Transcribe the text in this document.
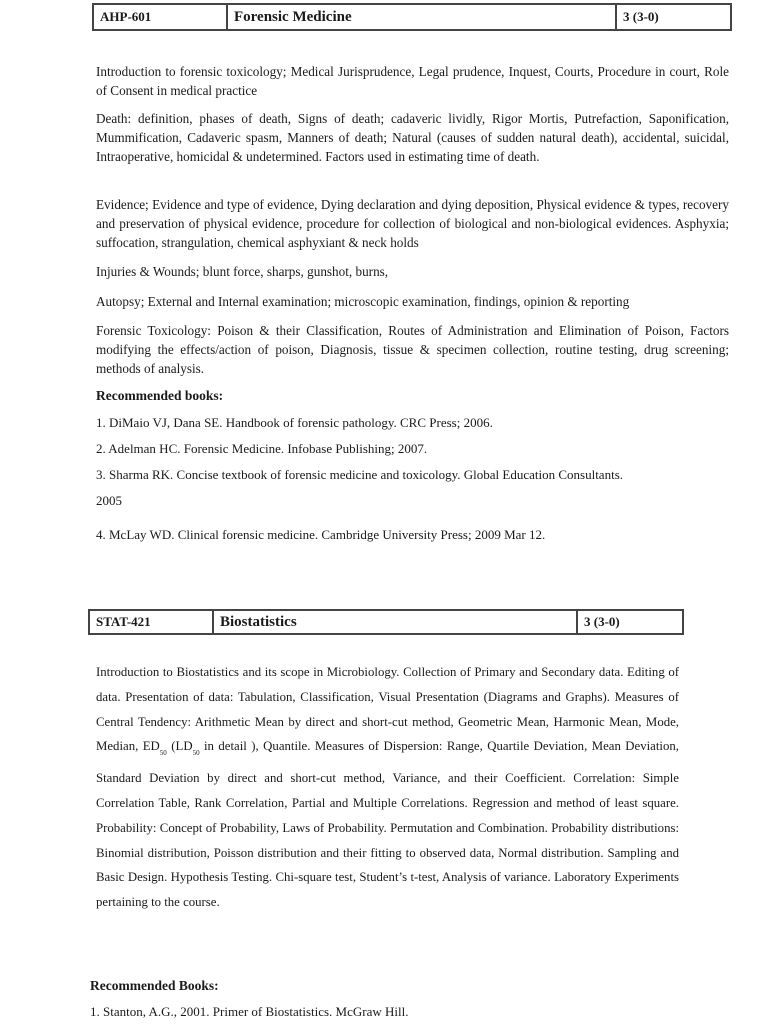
AHP-601	Forensic Medicine	3 (3-0)
Introduction to forensic toxicology; Medical Jurisprudence, Legal prudence, Inquest, Courts, Procedure in court, Role of Consent in medical practice
Death: definition, phases of death, Signs of death; cadaveric lividly, Rigor Mortis, Putrefaction, Saponification, Mummification, Cadaveric spasm, Manners of death; Natural (causes of sudden natural death), accidental, suicidal, Intraoperative, homicidal & undetermined. Factors used in estimating time of death.
Evidence; Evidence and type of evidence, Dying declaration and dying deposition, Physical evidence & types, recovery and preservation of physical evidence, procedure for collection of biological and non-biological evidences. Asphyxia; suffocation, strangulation, chemical asphyxiant & neck holds
Injuries & Wounds; blunt force, sharps, gunshot, burns,
Autopsy; External and Internal examination; microscopic examination, findings, opinion & reporting
Forensic Toxicology: Poison & their Classification, Routes of Administration and Elimination of Poison, Factors modifying the effects/action of poison, Diagnosis, tissue & specimen collection, routine testing, drug screening; methods of analysis.
Recommended books:
1. DiMaio VJ, Dana SE. Handbook of forensic pathology. CRC Press; 2006.
2. Adelman HC. Forensic Medicine. Infobase Publishing; 2007.
3. Sharma RK. Concise textbook of forensic medicine and toxicology. Global Education Consultants.
2005
4. McLay WD. Clinical forensic medicine. Cambridge University Press; 2009 Mar 12.
STAT-421	Biostatistics	3 (3-0)
Introduction to Biostatistics and its scope in Microbiology. Collection of Primary and Secondary data. Editing of data. Presentation of data: Tabulation, Classification, Visual Presentation (Diagrams and Graphs). Measures of Central Tendency: Arithmetic Mean by direct and short-cut method, Geometric Mean, Harmonic Mean, Mode, Median, $ED_{50}$ ($LD_{50}$ in detail ), Quantile. Measures of Dispersion: Range, Quartile Deviation, Mean Deviation, Standard Deviation by direct and short-cut method, Variance, and their Coefficient. Correlation: Simple Correlation Table, Rank Correlation, Partial and Multiple Correlations. Regression and method of least square. Probability: Concept of Probability, Laws of Probability. Permutation and Combination. Probability distributions: Binomial distribution, Poisson distribution and their fitting to observed data, Normal distribution. Sampling and Basic Design. Hypothesis Testing. Chi-square test, Student’s t-test, Analysis of variance. Laboratory Experiments pertaining to the course.
Recommended Books:
1. Stanton, A.G., 2001. Primer of Biostatistics. McGraw Hill.
